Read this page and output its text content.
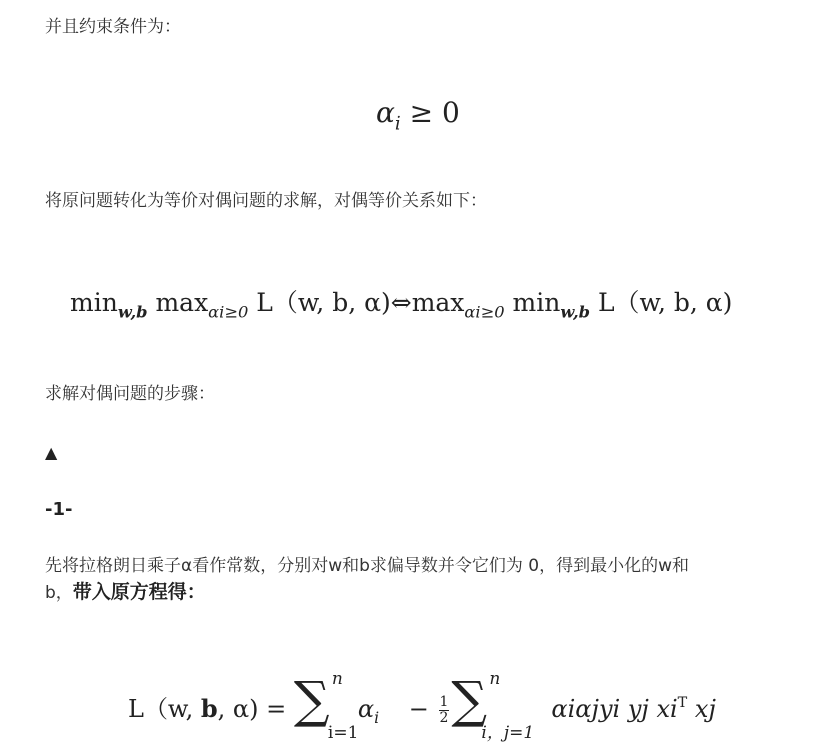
并且约束条件为：
$\alpha_i \ge 0$
将原问题转化为等价对偶问题的求解，对偶等价关系如下：
$\min_{w,b} \max_{\alpha i\ge 0} L(w$, b, $\alpha)\Leftrightarrow\max_{\alpha i\ge 0}$ $\min_{w,b} L(w$, b, α)
求解对偶问题的步骤：
▲
-1-
先将拉格朗日乘子α看作常数，分别对w和b求偏导数并令它们为 0，得到最小化的w和
b，带入原方程得：
L（w, b, α) = ∑ n
i=1
$\alpha_i - \frac{1}{2}$ ∑ n
i，j=1
αiαjyi yj $xi^T$ xj
